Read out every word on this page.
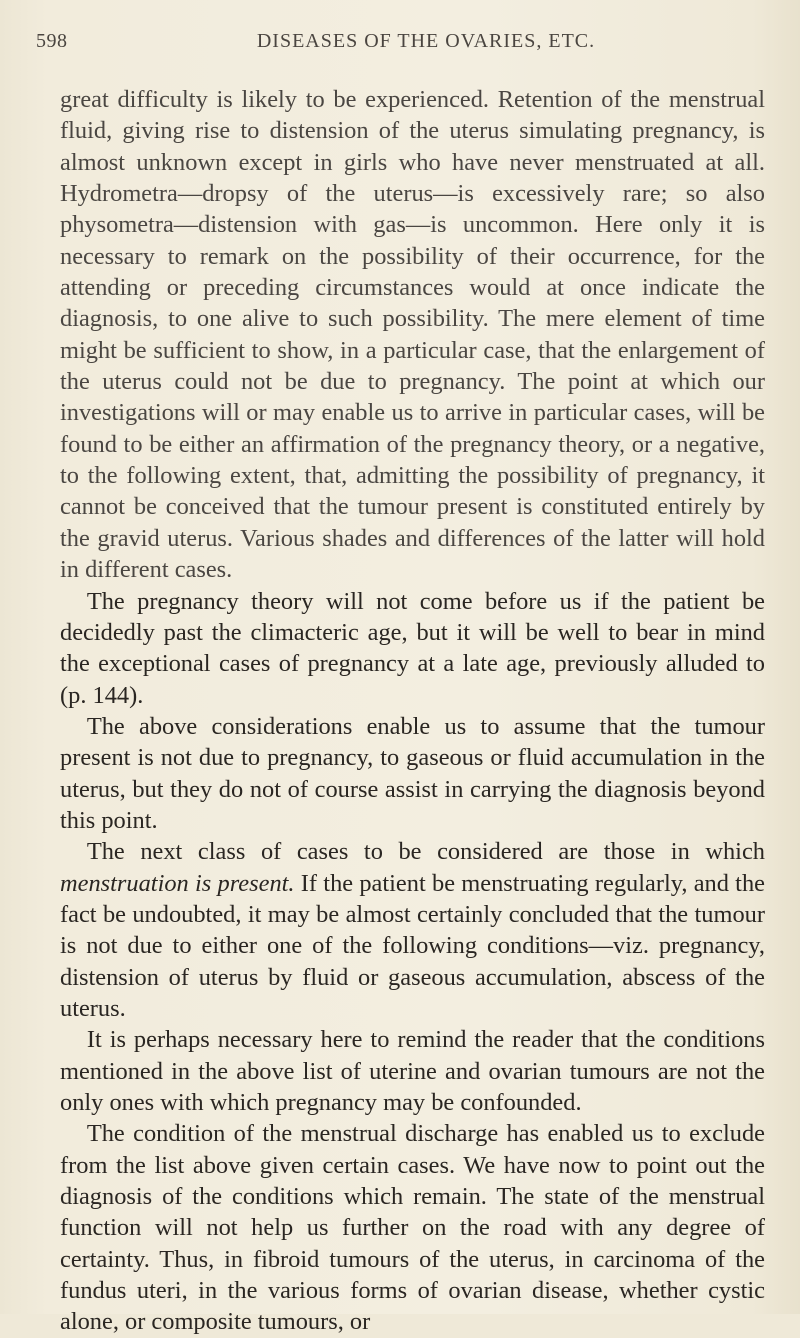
598	DISEASES OF THE OVARIES, ETC.

great difficulty is likely to be experienced. Retention of the menstrual fluid, giving rise to distension of the uterus simulating pregnancy, is almost unknown except in girls who have never menstruated at all. Hydrometra—dropsy of the uterus—is excessively rare; so also physometra—distension with gas—is uncommon. Here only it is necessary to remark on the possibility of their occurrence, for the attending or preceding circumstances would at once indicate the diagnosis, to one alive to such possibility. The mere element of time might be sufficient to show, in a particular case, that the enlargement of the uterus could not be due to pregnancy. The point at which our investigations will or may enable us to arrive in particular cases, will be found to be either an affirmation of the pregnancy theory, or a negative, to the following extent, that, admitting the possibility of pregnancy, it cannot be conceived that the tumour present is constituted entirely by the gravid uterus. Various shades and differences of the latter will hold in different cases.

The pregnancy theory will not come before us if the patient be decidedly past the climacteric age, but it will be well to bear in mind the exceptional cases of pregnancy at a late age, previously alluded to (p. 144).

The above considerations enable us to assume that the tumour present is not due to pregnancy, to gaseous or fluid accumulation in the uterus, but they do not of course assist in carrying the diagnosis beyond this point.

The next class of cases to be considered are those in which menstruation is present. If the patient be menstruating regularly, and the fact be undoubted, it may be almost certainly concluded that the tumour is not due to either one of the following conditions—viz. pregnancy, distension of uterus by fluid or gaseous accumulation, abscess of the uterus.

It is perhaps necessary here to remind the reader that the conditions mentioned in the above list of uterine and ovarian tumours are not the only ones with which pregnancy may be confounded.

The condition of the menstrual discharge has enabled us to exclude from the list above given certain cases. We have now to point out the diagnosis of the conditions which remain. The state of the menstrual function will not help us further on the road with any degree of certainty. Thus, in fibroid tumours of the uterus, in carcinoma of the fundus uteri, in the various forms of ovarian disease, whether cystic alone, or composite tumours, or
